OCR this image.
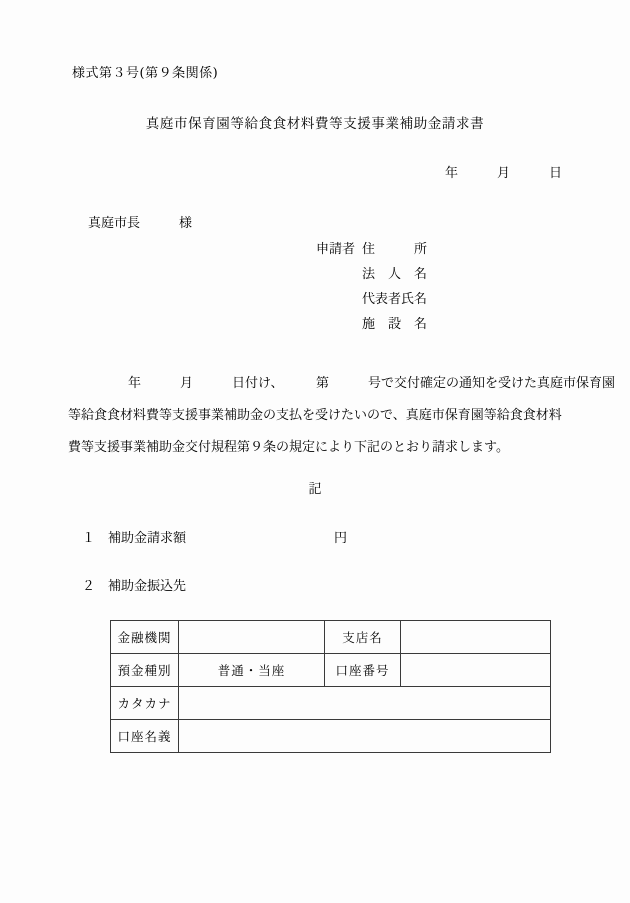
様式第３号(第９条関係)
真庭市保育園等給食食材料費等支援事業補助金請求書
年　　　月　　　日
真庭市長　　　様
申請者 住　　　所
法　人　名
代表者氏名
施　設　名
年　　　月　　　日付け、　　　第　　　号で交付確定の通知を受けた真庭市保育園
等給食食材料費等支援事業補助金の支払を受けたいので、真庭市保育園等給食食材料
費等支援事業補助金交付規程第９条の規定により下記のとおり請求します。
記
１　補助金請求額	円
２　補助金振込先
金融機関		支店名	
預金種別	普通・当座	口座番号	
カタカナ			
口座名義			
